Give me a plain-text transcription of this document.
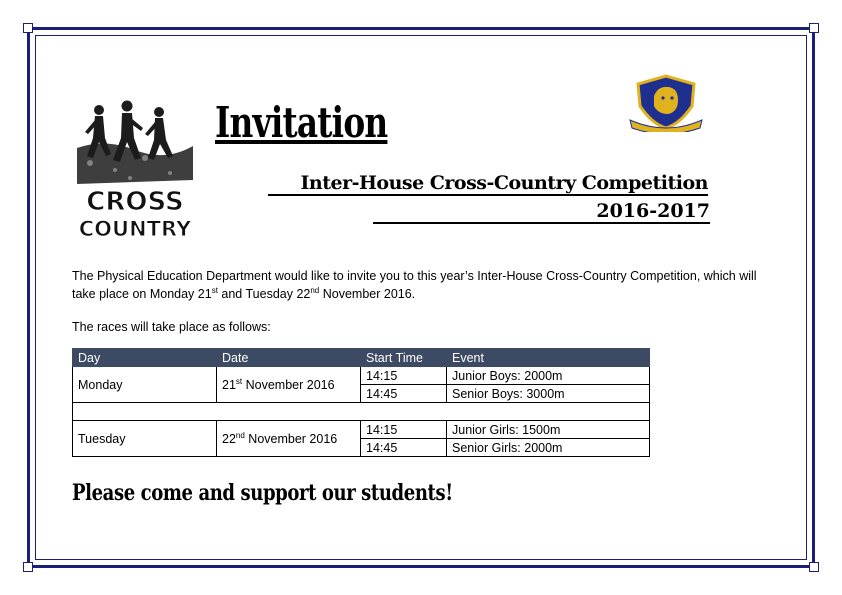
CROSS
COUNTRY
Invitation
Inter-House Cross-Country Competition
2016-2017

The Physical Education Department would like to invite you to this year’s Inter-House Cross-Country Competition, which will take place on Monday 21st and Tuesday 22nd November 2016.

The races will take place as follows:

Day	Date	Start Time	Event
Monday	21st November 2016	14:15	Junior Boys: 2000m
		14:45	Senior Boys: 3000m

Tuesday	22nd November 2016	14:15	Junior Girls: 1500m
		14:45	Senior Girls: 2000m

Please come and support our students!
